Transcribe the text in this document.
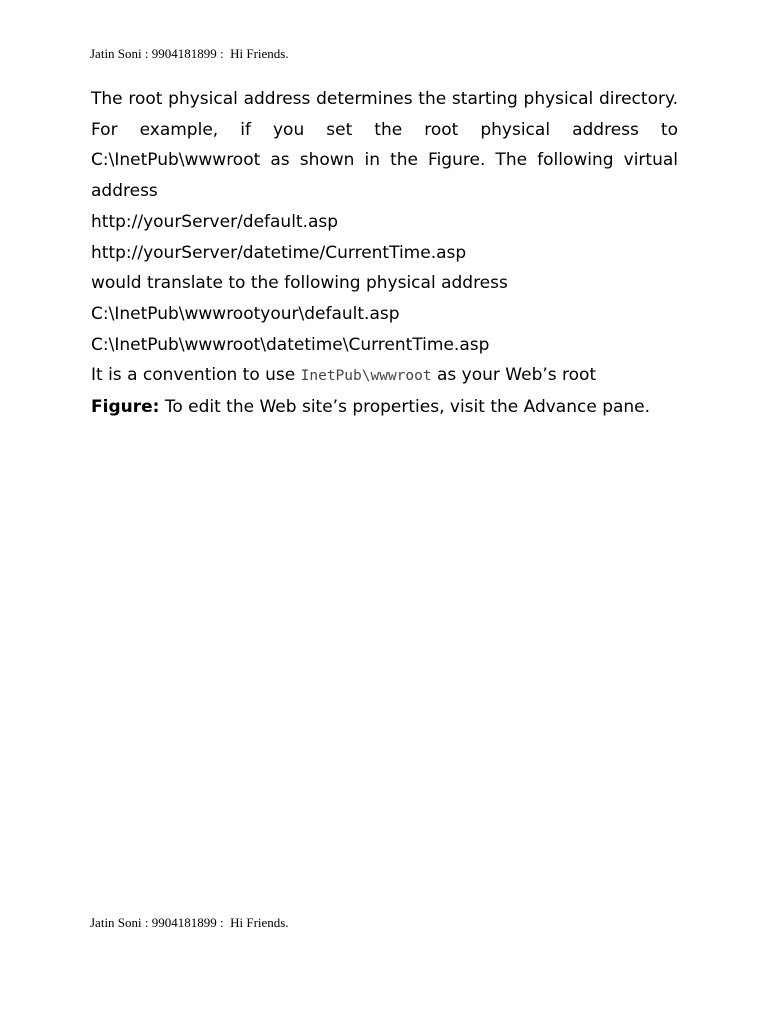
Jatin Soni : 9904181899 :  Hi Friends.

The root physical address determines the starting physical directory. For example, if you set the root physical address to C:\InetPub\wwwroot as shown in the Figure. The following virtual address

http://yourServer/default.asp

http://yourServer/datetime/CurrentTime.asp

would translate to the following physical address

C:\InetPub\wwwrootyour\default.asp

C:\InetPub\wwwroot\datetime\CurrentTime.asp

It is a convention to use InetPub\wwwroot as your Web’s root

Figure: To edit the Web site’s properties, visit the Advance pane.

Jatin Soni : 9904181899 :  Hi Friends.
